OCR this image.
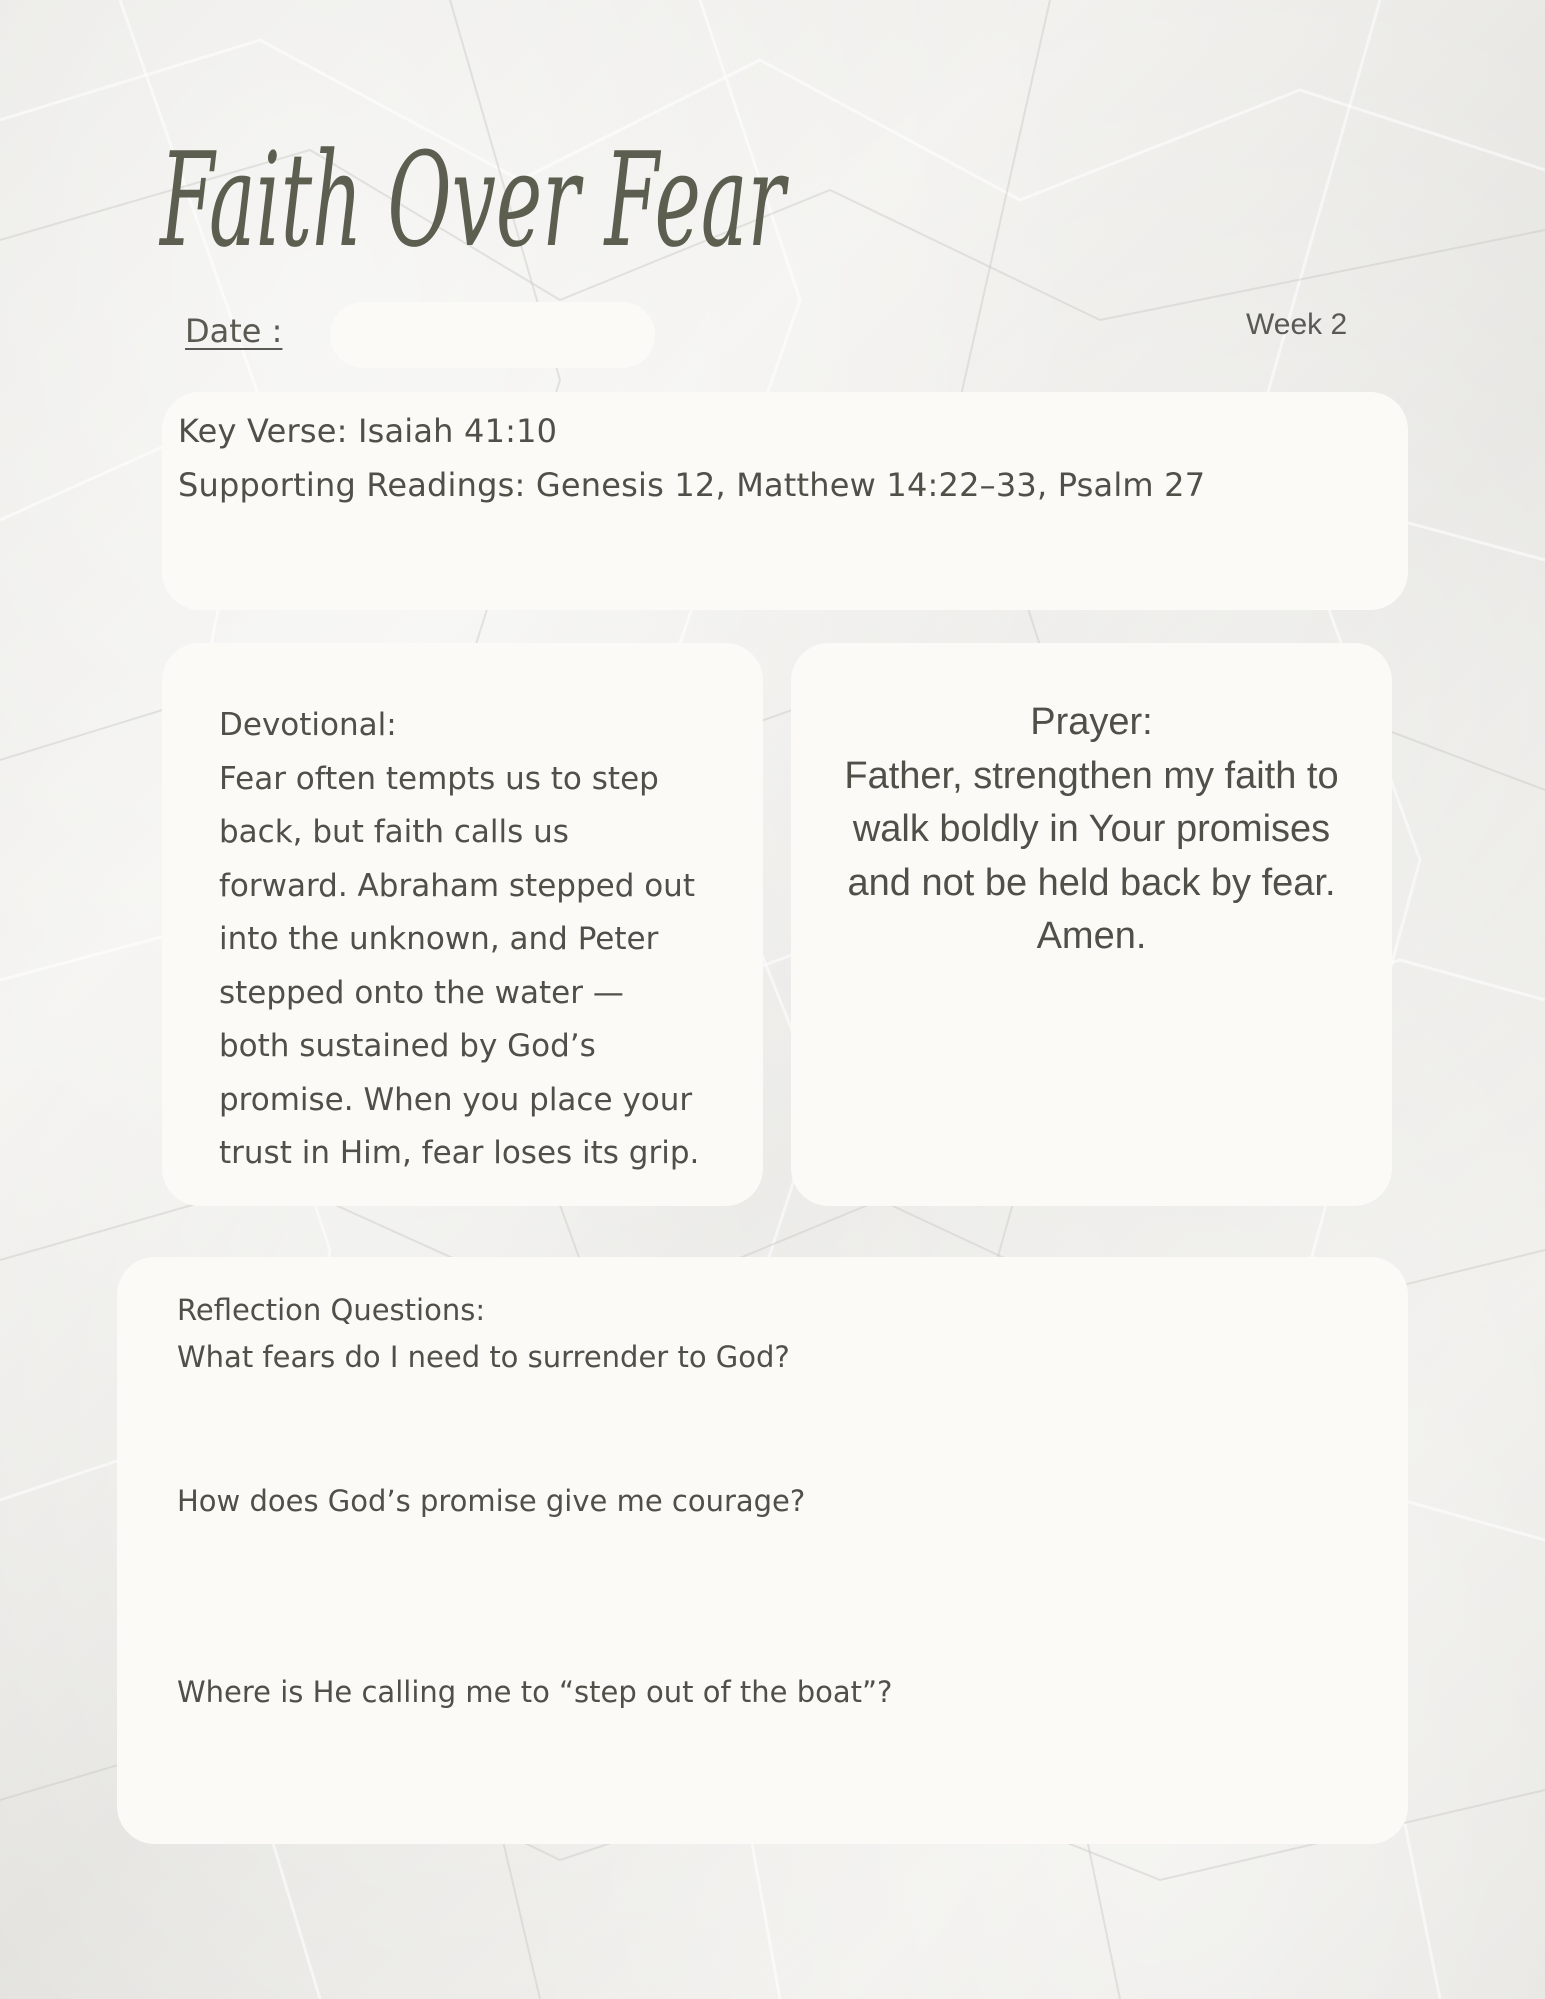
Faith Over Fear
Date :	Week 2
Key Verse: Isaiah 41:10
Supporting Readings: Genesis 12, Matthew 14:22–33, Psalm 27
Devotional:
Fear often tempts us to step
back, but faith calls us
forward. Abraham stepped out
into the unknown, and Peter
stepped onto the water —
both sustained by God’s
promise. When you place your
trust in Him, fear loses its grip.
Prayer:
Father, strengthen my faith to
walk boldly in Your promises
and not be held back by fear.
Amen.
Reflection Questions:
What fears do I need to surrender to God?
How does God’s promise give me courage?
Where is He calling me to “step out of the boat”?
